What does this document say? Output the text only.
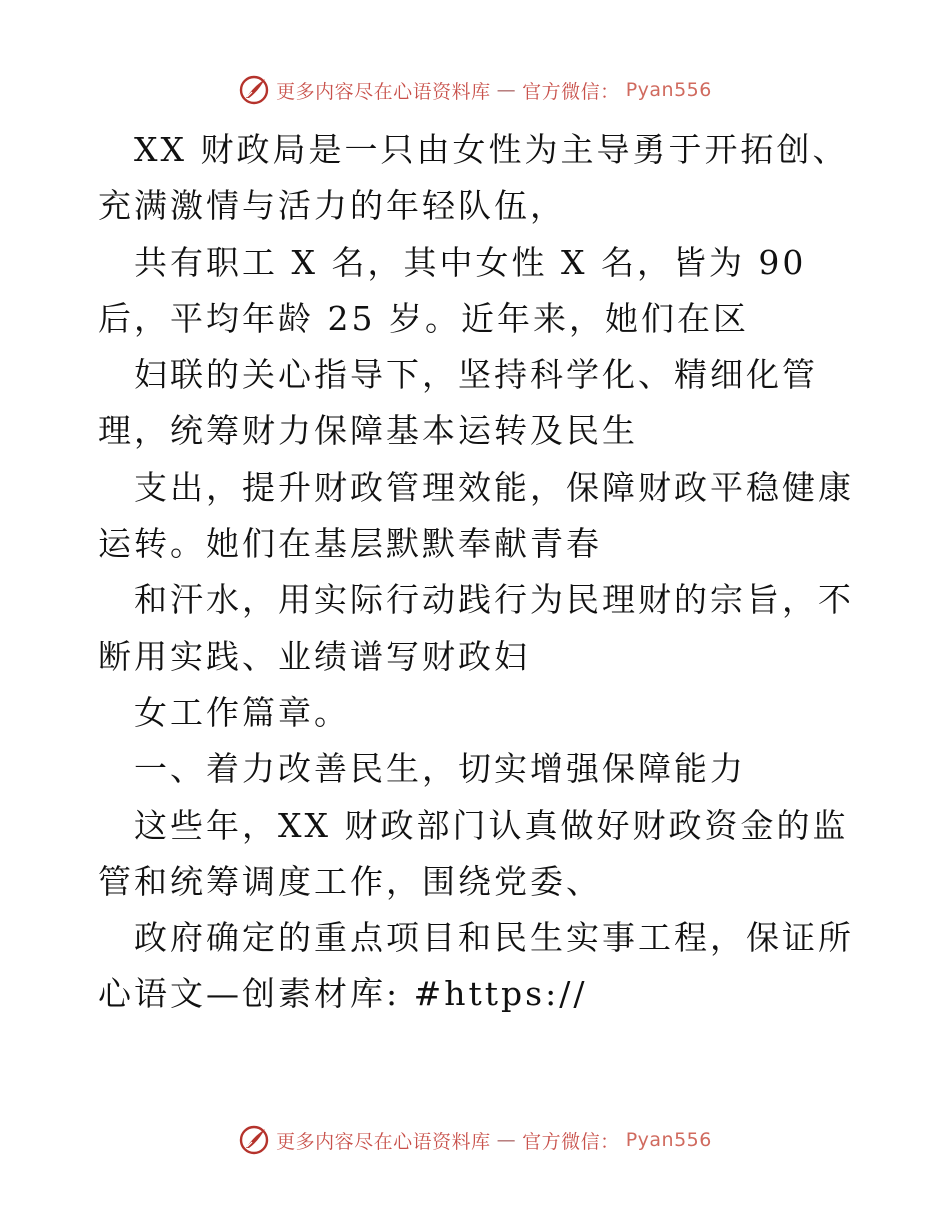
更多内容尽在心语资料库 — 官方微信： Pyan556

XX 财政局是一只由女性为主导勇于开拓创、充满激情与活力的年轻队伍，

共有职工 X 名，其中女性 X 名，皆为 90 后，平均年龄 25 岁。近年来，她们在区

妇联的关心指导下，坚持科学化、精细化管理，统筹财力保障基本运转及民生

支出，提升财政管理效能，保障财政平稳健康运转。她们在基层默默奉献青春

和汗水，用实际行动践行为民理财的宗旨，不断用实践、业绩谱写财政妇

女工作篇章。

一、着力改善民生，切实增强保障能力

这些年，XX 财政部门认真做好财政资金的监管和统筹调度工作，围绕党委、

政府确定的重点项目和民生实事工程，保证所心语文—创素材库: #https://

更多内容尽在心语资料库 — 官方微信： Pyan556
